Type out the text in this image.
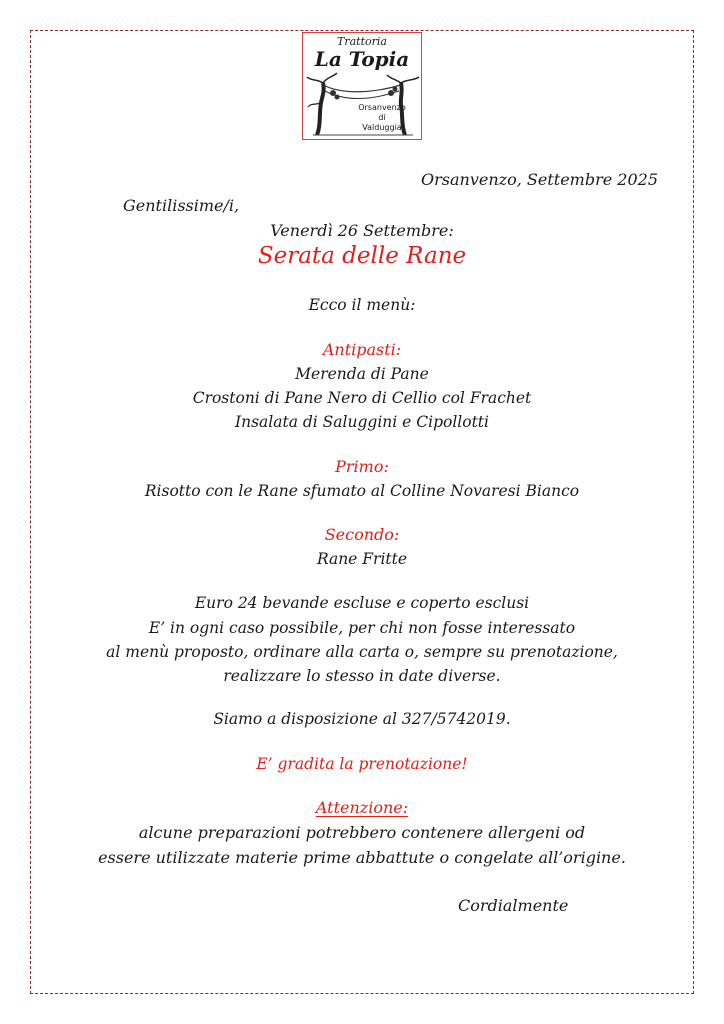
Trattoria
La Topia
Orsanvenzo
di
Valduggia
Orsanvenzo, Settembre 2025
Gentilissime/i,
Venerdì 26 Settembre:
Serata delle Rane
Ecco il menù:
Antipasti:
Merenda di Pane
Crostoni di Pane Nero di Cellio col Frachet
Insalata di Saluggini e Cipollotti
Primo:
Risotto con le Rane sfumato al Colline Novaresi Bianco
Secondo:
Rane Fritte
Euro 24 bevande escluse e coperto esclusi
E’ in ogni caso possibile, per chi non fosse interessato
al menù proposto, ordinare alla carta o, sempre su prenotazione,
realizzare lo stesso in date diverse.
Siamo a disposizione al 327/5742019.
E’ gradita la prenotazione!
Attenzione:
alcune preparazioni potrebbero contenere allergeni od
essere utilizzate materie prime abbattute o congelate all’origine.
Cordialmente
